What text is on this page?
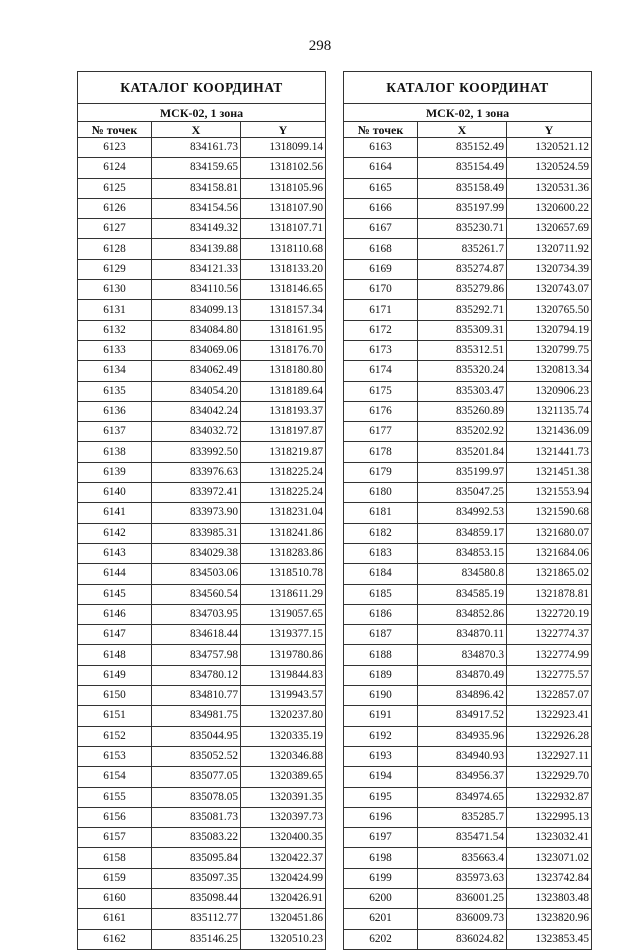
298
КАТАЛОГ КООРДИНАТ		
МСК-02, 1 зона		
№ точек	X	Y
6123	834161.73	1318099.14
6124	834159.65	1318102.56
6125	834158.81	1318105.96
6126	834154.56	1318107.90
6127	834149.32	1318107.71
6128	834139.88	1318110.68
6129	834121.33	1318133.20
6130	834110.56	1318146.65
6131	834099.13	1318157.34
6132	834084.80	1318161.95
6133	834069.06	1318176.70
6134	834062.49	1318180.80
6135	834054.20	1318189.64
6136	834042.24	1318193.37
6137	834032.72	1318197.87
6138	833992.50	1318219.87
6139	833976.63	1318225.24
6140	833972.41	1318225.24
6141	833973.90	1318231.04
6142	833985.31	1318241.86
6143	834029.38	1318283.86
6144	834503.06	1318510.78
6145	834560.54	1318611.29
6146	834703.95	1319057.65
6147	834618.44	1319377.15
6148	834757.98	1319780.86
6149	834780.12	1319844.83
6150	834810.77	1319943.57
6151	834981.75	1320237.80
6152	835044.95	1320335.19
6153	835052.52	1320346.88
6154	835077.05	1320389.65
6155	835078.05	1320391.35
6156	835081.73	1320397.73
6157	835083.22	1320400.35
6158	835095.84	1320422.37
6159	835097.35	1320424.99
6160	835098.44	1320426.91
6161	835112.77	1320451.86
6162	835146.25	1320510.23
КАТАЛОГ КООРДИНАТ		
МСК-02, 1 зона		
№ точек	X	Y
6163	835152.49	1320521.12
6164	835154.49	1320524.59
6165	835158.49	1320531.36
6166	835197.99	1320600.22
6167	835230.71	1320657.69
6168	835261.7	1320711.92
6169	835274.87	1320734.39
6170	835279.86	1320743.07
6171	835292.71	1320765.50
6172	835309.31	1320794.19
6173	835312.51	1320799.75
6174	835320.24	1320813.34
6175	835303.47	1320906.23
6176	835260.89	1321135.74
6177	835202.92	1321436.09
6178	835201.84	1321441.73
6179	835199.97	1321451.38
6180	835047.25	1321553.94
6181	834992.53	1321590.68
6182	834859.17	1321680.07
6183	834853.15	1321684.06
6184	834580.8	1321865.02
6185	834585.19	1321878.81
6186	834852.86	1322720.19
6187	834870.11	1322774.37
6188	834870.3	1322774.99
6189	834870.49	1322775.57
6190	834896.42	1322857.07
6191	834917.52	1322923.41
6192	834935.96	1322926.28
6193	834940.93	1322927.11
6194	834956.37	1322929.70
6195	834974.65	1322932.87
6196	835285.7	1322995.13
6197	835471.54	1323032.41
6198	835663.4	1323071.02
6199	835973.63	1323742.84
6200	836001.25	1323803.48
6201	836009.73	1323820.96
6202	836024.82	1323853.45
